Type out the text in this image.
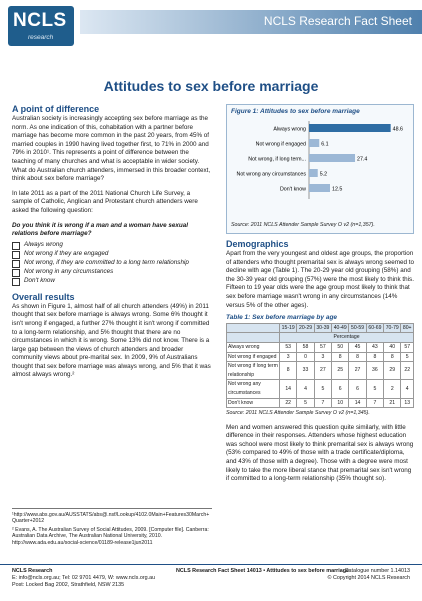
NCLS
research
NCLS Research Fact Sheet
Attitudes to sex before marriage
A point of difference

Australian society is increasingly accepting sex before marriage as the norm. As one indication of this, cohabitation with a partner before marriage has become more common in the past 20 years, from 45% of married couples in 1990 having lived together first, to 71% in 2000 and 79% in 2010¹. This represents a point of difference between the teaching of many churches and what is acceptable in wider society. What do Australian church attenders, immersed in this broader context, think about sex before marriage?

In late 2011 as a part of the 2011 National Church Life Survey, a sample of Catholic, Anglican and Protestant church attenders were asked the following question:

Do you think it is wrong if a man and a woman have sexual relations before marriage?

Always wrong
Not wrong if they are engaged
Not wrong, if they are committed to a long term relationship
Not wrong in any circumstances
Don't know
Overall results

As shown in Figure 1, almost half of all church attenders (49%) in 2011 thought that sex before marriage is always wrong. Some 6% thought it isn't wrong if engaged, a further 27% thought it isn't wrong if committed to a long-term relationship, and 5% thought that there are no circumstances in which it is wrong. Some 13% did not know. There is a large gap between the views of church attenders and broader community views about pre-marital sex. In 2009, 9% of Australians thought that sex before marriage was always wrong, and 5% that it was almost always wrong.²

¹http://www.abs.gov.au/AUSSTATS/abs@.nsf/Lookup/4102.0Main+Features30March+Quarter+2012

² Evans, A. The Australian Survey of Social Attitudes, 2009. [Computer file]. Canberra: Australian Data Archive, The Australian National University, 2010. http://www.ada.edu.au/social-science/01189-release1jun2011

Figure 1: Attitudes to sex before marriage
Always wrong	48.6
Not wrong if engaged	6.1
Not wrong, if long term...	27.4
Not wrong any circumstances	5.2
Don't know	12.5
Source: 2011 NCLS Attender Sample Survey O v2 (n=1,357).
Demographics

Apart from the very youngest and oldest age groups, the proportion of attenders who thought premarital sex is always wrong seemed to decline with age (Table 1). The 20-29 year old grouping (58%) and the 30-39 year old grouping (57%) were the most likely to think this. Fifteen to 19 year olds were the age group most likely to think that sex before marriage wasn't wrong in any circumstances (14% versus 5% of the other ages).

Table 1: Sex before marriage by age
	15-19	20-29	30-39	40-49	50-59	60-69	70-79	80+
	Percentage							
Always wrong	53	58	57	50	45	43	40	57
Not wrong if engaged	3	0	3	8	8	8	8	5
Not wrong if long term relationship	8	33	27	25	27	36	29	22
Not wrong any circumstances	14	4	5	6	6	5	2	4
Don't know	22	5	7	10	14	7	21	13

Source: 2011 NCLS Attender Sample Survey O v2 (n=1,345).

Men and women answered this question quite similarly, with little difference in their responses. Attenders whose highest education was school were most likely to think premarital sex is always wrong (53% compared to 49% of those with a trade certificate/diploma, and 43% of those with a degree). Those with a degree were most likely to take the more liberal stance that premarital sex isn't wrong if committed to a long-term relationship (35% thought so).

NCLS Research
E: info@ncls.org.au; Tel: 02 9701 4479, W: www.ncls.org.au
Post: Locked Bag 2002, Strathfield, NSW 2135
NCLS Research Fact Sheet 14013 • Attitudes to sex before marriage
Catalogue number 1.14013
© Copyright 2014 NCLS Research
